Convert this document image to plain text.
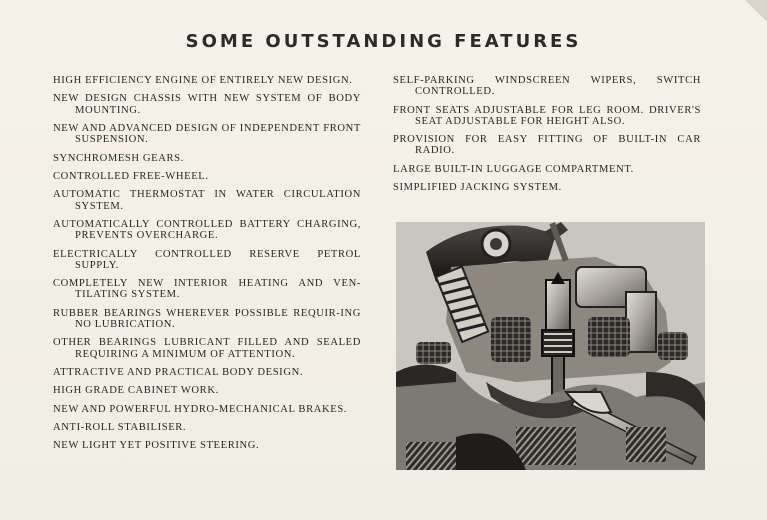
SOME OUTSTANDING FEATURES
HIGH EFFICIENCY ENGINE OF ENTIRELY NEW DESIGN.
NEW DESIGN CHASSIS WITH NEW SYSTEM OF BODY MOUNTING.
NEW AND ADVANCED DESIGN OF INDEPENDENT FRONT SUSPENSION.
SYNCHROMESH GEARS.
CONTROLLED FREE-WHEEL.
AUTOMATIC THERMOSTAT IN WATER CIRCULATION SYSTEM.
AUTOMATICALLY CONTROLLED BATTERY CHARGING, PREVENTS OVERCHARGE.
ELECTRICALLY CONTROLLED RESERVE PETROL SUPPLY.
COMPLETELY NEW INTERIOR HEATING AND VEN-TILATING SYSTEM.
RUBBER BEARINGS WHEREVER POSSIBLE REQUIR-ING NO LUBRICATION.
OTHER BEARINGS LUBRICANT FILLED AND SEALED REQUIRING A MINIMUM OF ATTENTION.
ATTRACTIVE AND PRACTICAL BODY DESIGN.
HIGH GRADE CABINET WORK.
NEW AND POWERFUL HYDRO-MECHANICAL BRAKES.
ANTI-ROLL STABILISER.
NEW LIGHT YET POSITIVE STEERING.
SELF-PARKING WINDSCREEN WIPERS, SWITCH CONTROLLED.
FRONT SEATS ADJUSTABLE FOR LEG ROOM. DRIVER'S SEAT ADJUSTABLE FOR HEIGHT ALSO.
PROVISION FOR EASY FITTING OF BUILT-IN CAR RADIO.
LARGE BUILT-IN LUGGAGE COMPARTMENT.
SIMPLIFIED JACKING SYSTEM.
